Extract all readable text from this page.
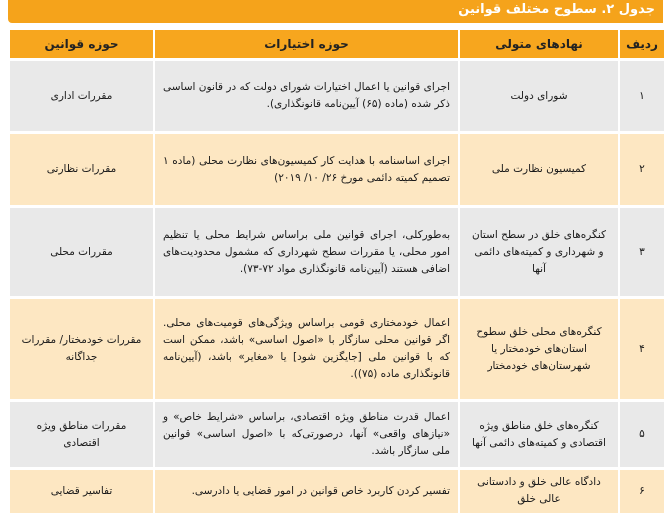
جدول ۲. سطوح مختلف قوانین
ردیف	نهادهای متولی	حوزه اختیارات	حوزه قوانین
۱	شورای دولت	اجرای قوانین یا اعمال اختیارات شورای دولت که در قانون اساسی ذکر شده (ماده (۶۵) آیین‌نامه قانونگذاری).	مقررات اداری
۲	کمیسیون نظارت ملی	اجرای اساسنامه با هدایت کار کمیسیون‌های نظارت محلی (ماده ۱ تصمیم کمیته دائمی مورخ ۲۶/ ۱۰/ ۲۰۱۹)	مقررات نظارتی
۳	کنگره‌های خلق در سطح استان و شهرداری و کمیته‌های دائمی آنها	به‌طورکلی، اجرای قوانین ملی براساس شرایط محلی یا تنظیم امور محلی، یا مقررات سطح شهرداری که مشمول محدودیت‌های اضافی هستند (آیین‌نامه قانونگذاری مواد ۷۲-۷۳).	مقررات محلی
۴	کنگره‌های محلی خلق سطوح استان‌های خودمختار یا شهرستان‌های خودمختار	اعمال خودمختاری قومی براساس ویژگی‌های قومیت‌های محلی. اگر قوانین محلی سازگار با «اصول اساسی» باشد، ممکن است که با قوانین ملی [جایگزین شود] یا «مغایر» باشد، (آیین‌نامه قانونگذاری ماده (۷۵)).	مقررات خودمختار/ مقررات جداگانه
۵	کنگره‌های خلق مناطق ویژه اقتصادی و کمیته‌های دائمی آنها	اعمال قدرت مناطق ویژه اقتصادی، براساس «شرایط خاص» و «نیازهای واقعی» آنها، درصورتی‌که با «اصول اساسی» قوانین ملی سازگار باشد.	مقررات مناطق ویژه اقتصادی
۶	دادگاه عالی خلق و دادستانی عالی خلق	تفسیر کردن کاربرد خاص قوانین در امور قضایی یا دادرسی.	تفاسیر قضایی
